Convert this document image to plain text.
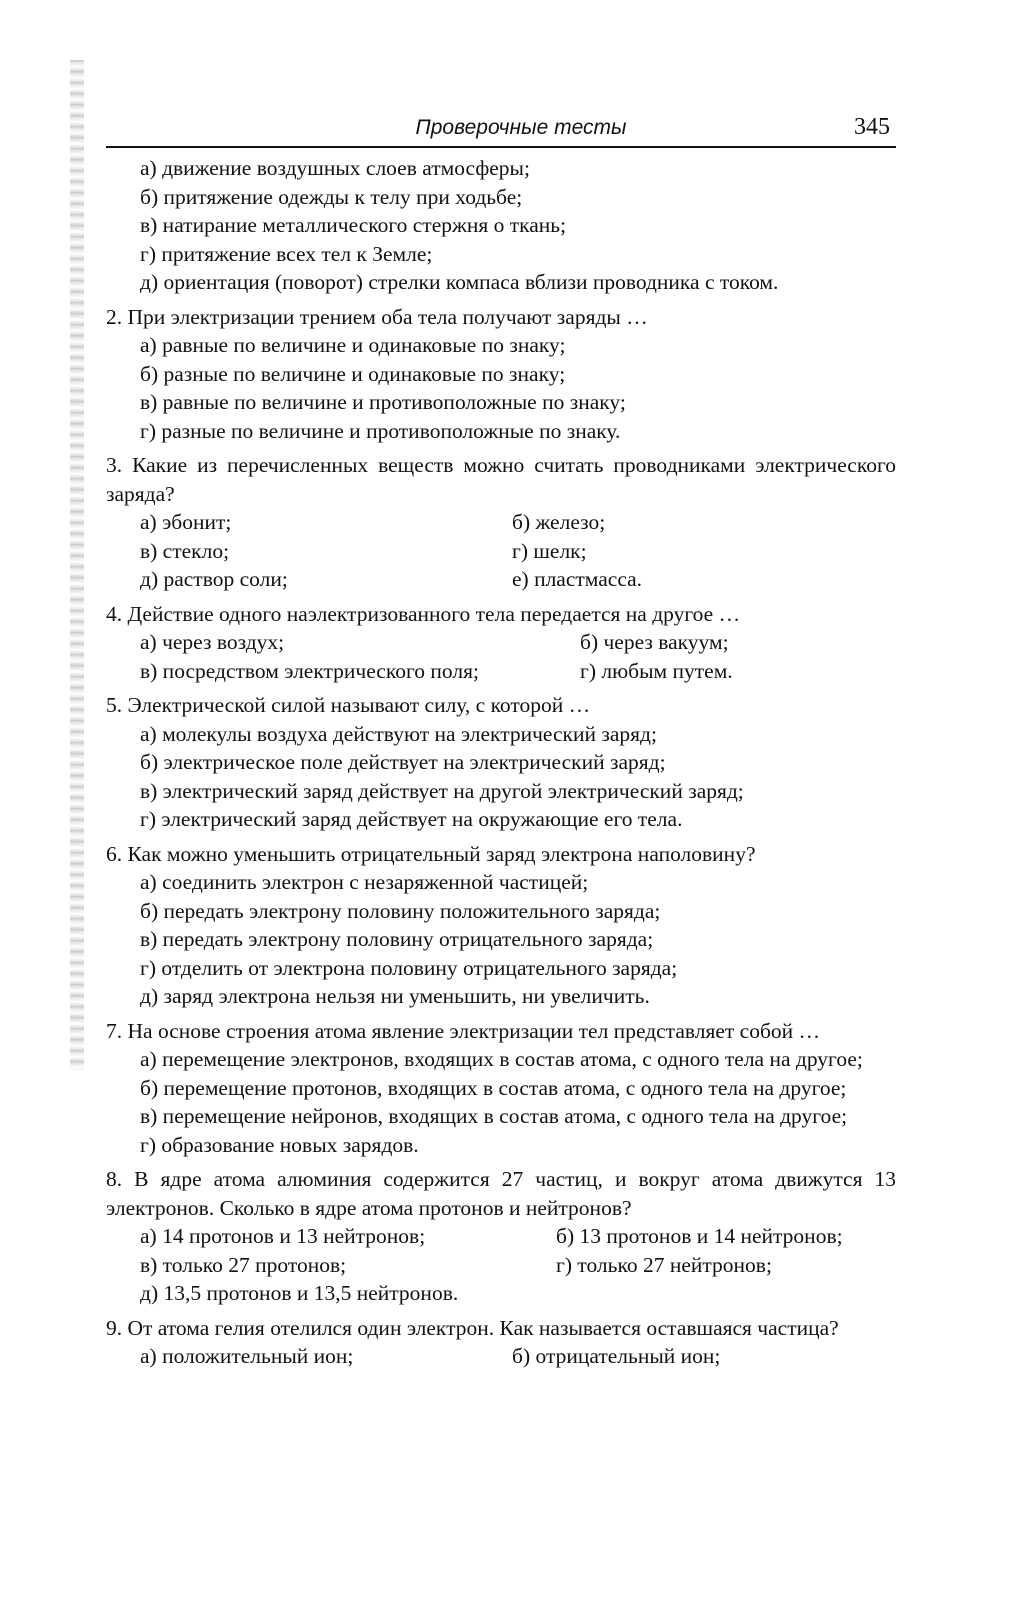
Проверочные тесты	345
а) движение воздушных слоев атмосферы;
б) притяжение одежды к телу при ходьбе;
в) натирание металлического стержня о ткань;
г) притяжение всех тел к Земле;
д) ориентация (поворот) стрелки компаса вблизи проводника с током.
2. При электризации трением оба тела получают заряды …
а) равные по величине и одинаковые по знаку;
б) разные по величине и одинаковые по знаку;
в) равные по величине и противоположные по знаку;
г) разные по величине и противоположные по знаку.
3. Какие из перечисленных веществ можно считать проводниками электрического заряда?
а) эбонит;	б) железо;
в) стекло;	г) шелк;
д) раствор соли;	е) пластмасса.
4. Действие одного наэлектризованного тела передается на другое …
а) через воздух;	б) через вакуум;
в) посредством электрического поля;	г) любым путем.
5. Электрической силой называют силу, с которой …
а) молекулы воздуха действуют на электрический заряд;
б) электрическое поле действует на электрический заряд;
в) электрический заряд действует на другой электрический заряд;
г) электрический заряд действует на окружающие его тела.
6. Как можно уменьшить отрицательный заряд электрона наполовину?
а) соединить электрон с незаряженной частицей;
б) передать электрону половину положительного заряда;
в) передать электрону половину отрицательного заряда;
г) отделить от электрона половину отрицательного заряда;
д) заряд электрона нельзя ни уменьшить, ни увеличить.
7. На основе строения атома явление электризации тел представляет собой …
а) перемещение электронов, входящих в состав атома, с одного тела на другое;
б) перемещение протонов, входящих в состав атома, с одного тела на другое;
в) перемещение нейронов, входящих в состав атома, с одного тела на другое;
г) образование новых зарядов.
8. В ядре атома алюминия содержится 27 частиц, и вокруг атома движутся 13 электронов. Сколько в ядре атома протонов и нейтронов?
а) 14 протонов и 13 нейтронов;	б) 13 протонов и 14 нейтронов;
в) только 27 протонов;	г) только 27 нейтронов;
д) 13,5 протонов и 13,5 нейтронов.
9. От атома гелия отелился один электрон. Как называется оставшаяся частица?
а) положительный ион;	б) отрицательный ион;
